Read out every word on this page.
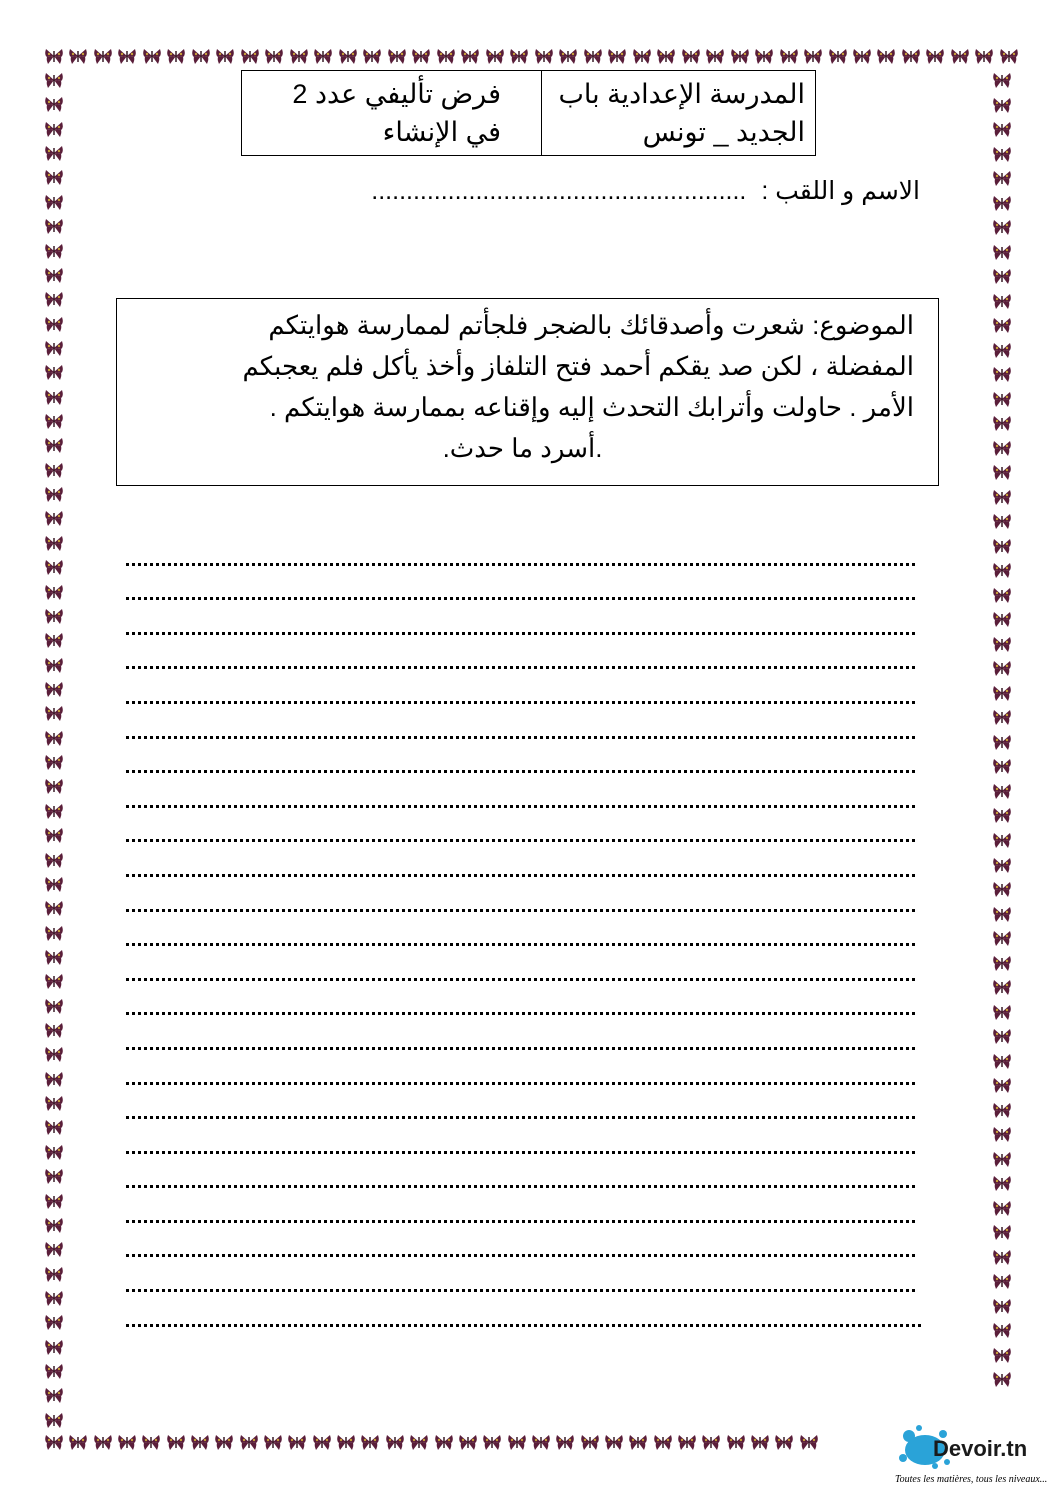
المدرسة الإعدادية باب
الجديد _ تونس
فرض تأليفي عدد 2
في الإنشاء
الاسم و اللقب : ......................................................
الموضوع: شعرت وأصدقائك بالضجر فلجأتم لممارسة هوايتكم
المفضلة ، لكن صد يقكم أحمد فتح التلفاز وأخذ يأكل فلم يعجبكم
الأمر . حاولت وأترابك التحدث إليه وإقناعه بممارسة هوايتكم .
.أسرد ما حدث.
Devoir.tn
Toutes les matières, tous les niveaux...
